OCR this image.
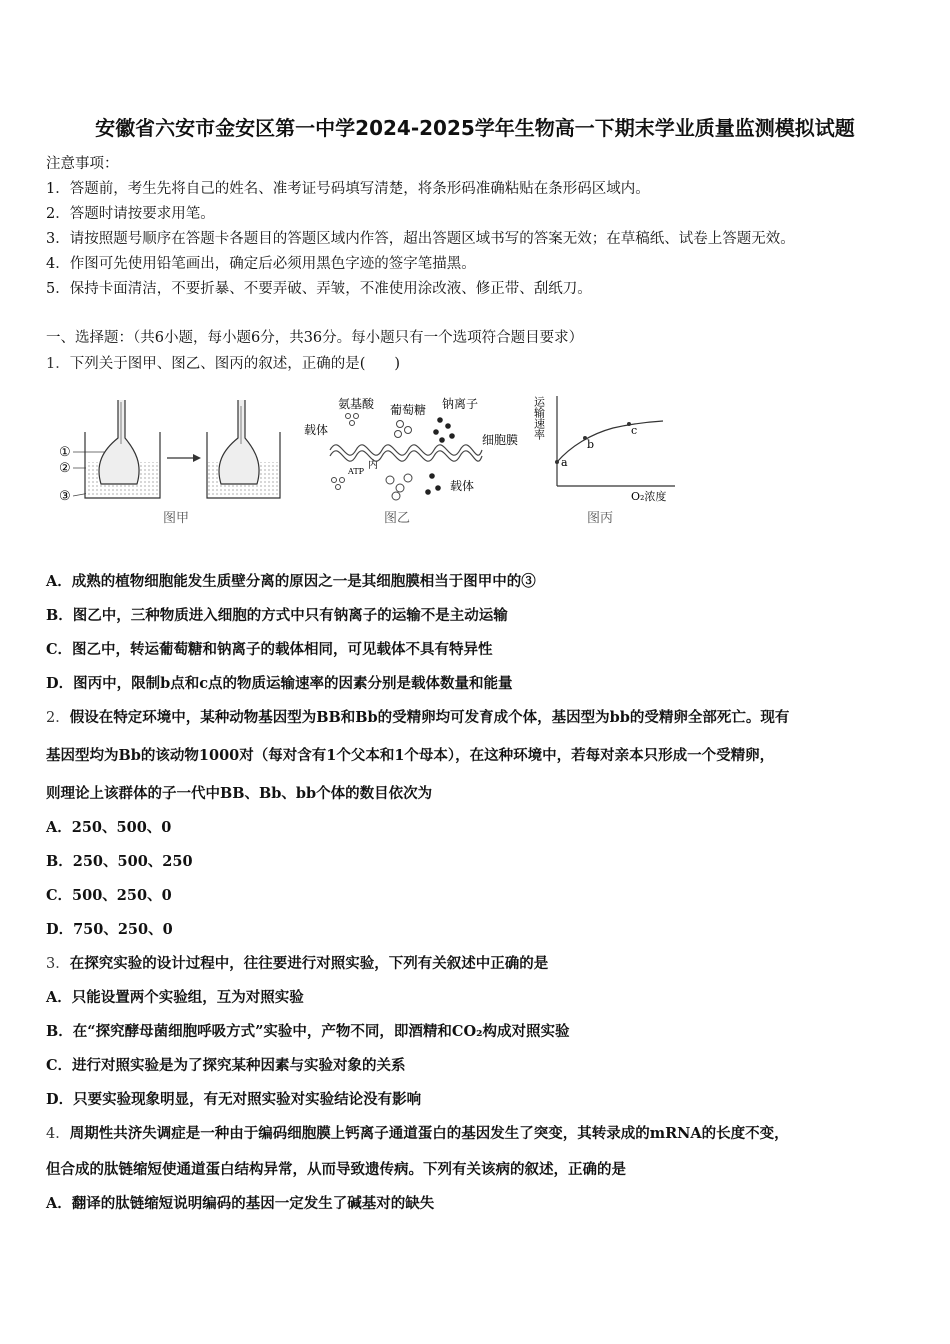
安徽省六安市金安区第一中学2024-2025学年生物高一下期末学业质量监测模拟试题
注意事项：
1．答题前，考生先将自己的姓名、准考证号码填写清楚，将条形码准确粘贴在条形码区域内。
2．答题时请按要求用笔。
3．请按照题号顺序在答题卡各题目的答题区域内作答，超出答题区域书写的答案无效；在草稿纸、试卷上答题无效。
4．作图可先使用铅笔画出，确定后必须用黑色字迹的签字笔描黑。
5．保持卡面清洁，不要折暴、不要弄破、弄皱，不准使用涂改液、修正带、刮纸刀。
一、选择题：（共6小题，每小题6分，共36分。每小题只有一个选项符合题目要求）
1．下列关于图甲、图乙、图丙的叙述，正确的是(　　)
①
②
③
图甲
氨基酸 葡萄糖 钠离子
载体
细胞膜
内
ATP
载体
图乙
运输速率
a
b
c
O₂浓度
图丙
A．成熟的植物细胞能发生质壁分离的原因之一是其细胞膜相当于图甲中的③
B．图乙中，三种物质进入细胞的方式中只有钠离子的运输不是主动运输
C．图乙中，转运葡萄糖和钠离子的载体相同，可见载体不具有特异性
D．图丙中，限制b点和c点的物质运输速率的因素分别是载体数量和能量
2．假设在特定环境中，某种动物基因型为BB和Bb的受精卵均可发育成个体，基因型为bb的受精卵全部死亡。现有
基因型均为Bb的该动物1000对（每对含有1个父本和1个母本），在这种环境中，若每对亲本只形成一个受精卵，
则理论上该群体的子一代中BB、Bb、bb个体的数目依次为
A．250、500、0
B．250、500、250
C．500、250、0
D．750、250、0
3．在探究实验的设计过程中，往往要进行对照实验，下列有关叙述中正确的是
A．只能设置两个实验组，互为对照实验
B．在“探究酵母菌细胞呼吸方式”实验中，产物不同，即酒精和CO₂构成对照实验
C．进行对照实验是为了探究某种因素与实验对象的关系
D．只要实验现象明显，有无对照实验对实验结论没有影响
4．周期性共济失调症是一种由于编码细胞膜上钙离子通道蛋白的基因发生了突变，其转录成的mRNA的长度不变，
但合成的肽链缩短使通道蛋白结构异常，从而导致遗传病。下列有关该病的叙述，正确的是
A．翻译的肽链缩短说明编码的基因一定发生了碱基对的缺失
